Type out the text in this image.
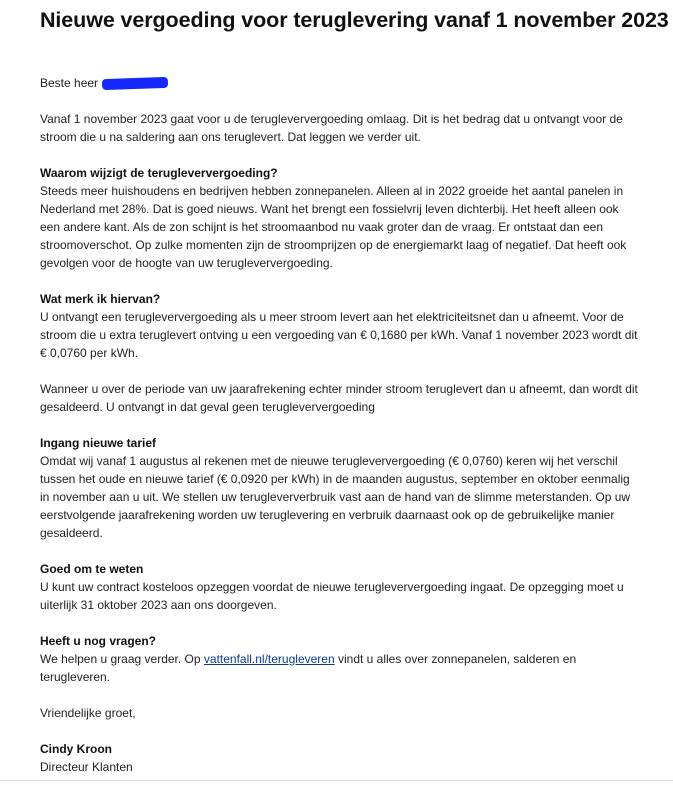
Nieuwe vergoeding voor teruglevering vanaf 1 november 2023

Beste heer

Vanaf 1 november 2023 gaat voor u de terugleververgoeding omlaag. Dit is het bedrag dat u ontvangt voor de stroom die u na saldering aan ons teruglevert. Dat leggen we verder uit.

Waarom wijzigt de terugleververgoeding?

Steeds meer huishoudens en bedrijven hebben zonnepanelen. Alleen al in 2022 groeide het aantal panelen in Nederland met 28%. Dat is goed nieuws. Want het brengt een fossielvrij leven dichterbij. Het heeft alleen ook een andere kant. Als de zon schijnt is het stroomaanbod nu vaak groter dan de vraag. Er ontstaat dan een stroomoverschot. Op zulke momenten zijn de stroomprijzen op de energiemarkt laag of negatief. Dat heeft ook gevolgen voor de hoogte van uw terugleververgoeding.

Wat merk ik hiervan?

U ontvangt een terugleververgoeding als u meer stroom levert aan het elektriciteitsnet dan u afneemt. Voor de stroom die u extra teruglevert ontving u een vergoeding van € 0,1680 per kWh. Vanaf 1 november 2023 wordt dit € 0,0760 per kWh.

Wanneer u over de periode van uw jaarafrekening echter minder stroom teruglevert dan u afneemt, dan wordt dit gesaldeerd. U ontvangt in dat geval geen terugleververgoeding

Ingang nieuwe tarief

Omdat wij vanaf 1 augustus al rekenen met de nieuwe terugleververgoeding (€ 0,0760) keren wij het verschil tussen het oude en nieuwe tarief (€ 0,0920 per kWh) in de maanden augustus, september en oktober eenmalig in november aan u uit. We stellen uw terugleververbruik vast aan de hand van de slimme meterstanden. Op uw eerstvolgende jaarafrekening worden uw teruglevering en verbruik daarnaast ook op de gebruikelijke manier gesaldeerd.

Goed om te weten

U kunt uw contract kosteloos opzeggen voordat de nieuwe terugleververgoeding ingaat. De opzegging moet u uiterlijk 31 oktober 2023 aan ons doorgeven.

Heeft u nog vragen?

We helpen u graag verder. Op vattenfall.nl/terugleveren vindt u alles over zonnepanelen, salderen en terugleveren.

Vriendelijke groet,

Cindy Kroon

Directeur Klanten
